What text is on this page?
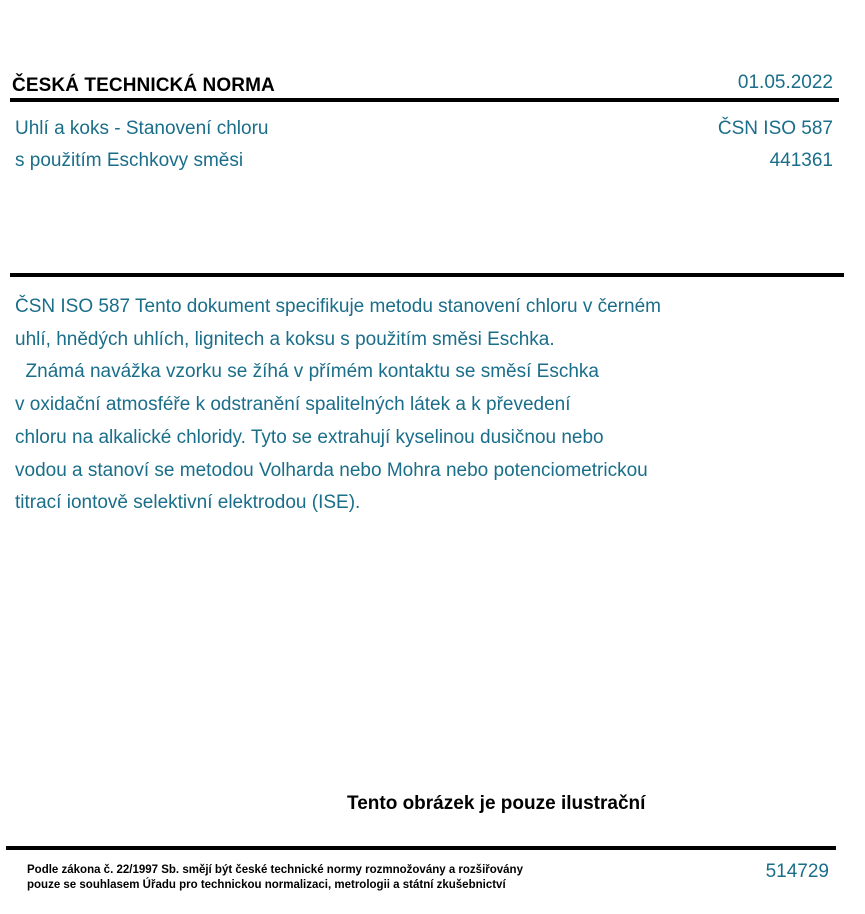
ČESKÁ TECHNICKÁ NORMA	01.05.2022
Uhlí a koks - Stanovení chloru
s použitím Eschkovy směsi
ČSN ISO 587
441361
ČSN ISO 587 Tento dokument specifikuje metodu stanovení chloru v černém
uhlí, hnědých uhlích, lignitech a koksu s použitím směsi Eschka.
Známá navážka vzorku se žíhá v přímém kontaktu se směsí Eschka
v oxidační atmosféře k odstranění spalitelných látek a k převedení
chloru na alkalické chloridy. Tyto se extrahují kyselinou dusičnou nebo
vodou a stanoví se metodou Volharda nebo Mohra nebo potenciometrickou
titrací iontově selektivní elektrodou (ISE).
Tento obrázek je pouze ilustrační
Podle zákona č. 22/1997 Sb. smějí být české technické normy rozmnožovány a rozšiřovány
pouze se souhlasem Úřadu pro technickou normalizaci, metrologii a státní zkušebnictví
514729
